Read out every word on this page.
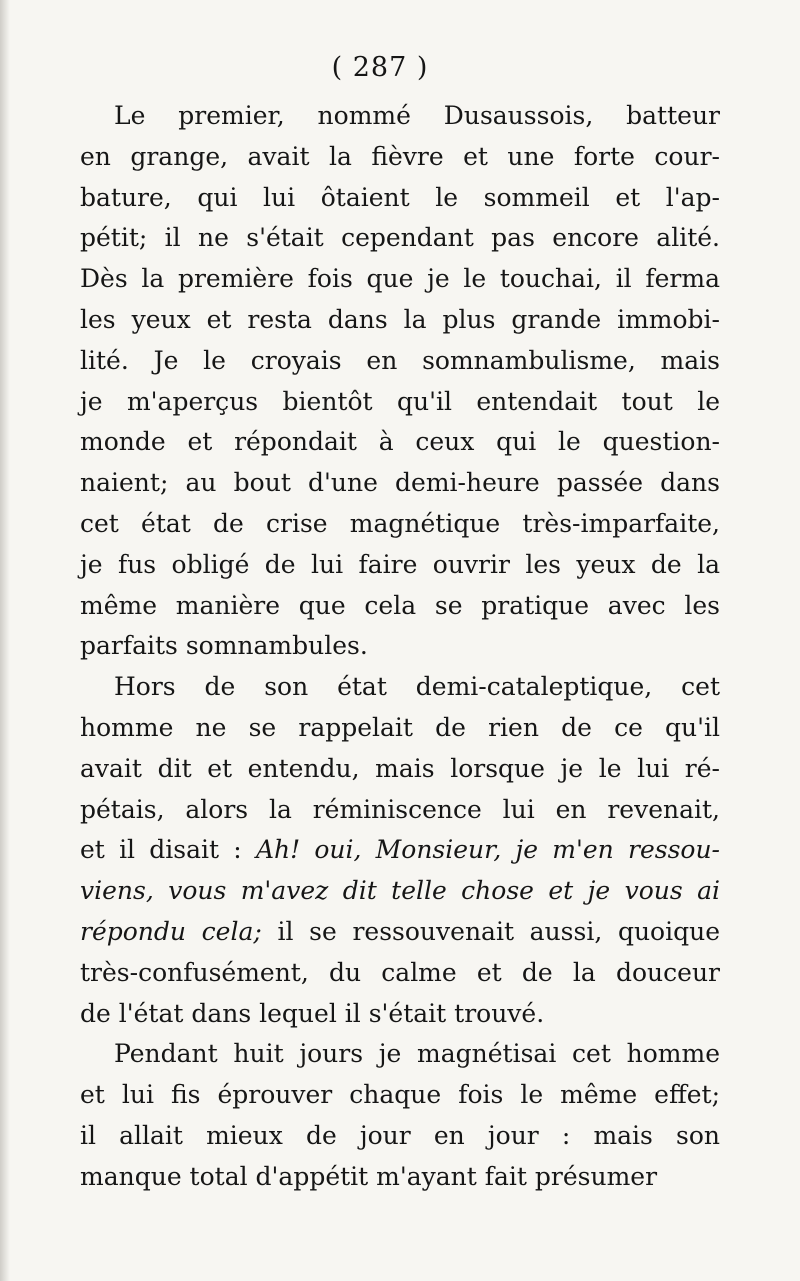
( 287 )
Le premier, nommé Dusaussois, batteur
en grange, avait la fièvre et une forte cour-
bature, qui lui ôtaient le sommeil et l'ap-
pétit; il ne s'était cependant pas encore alité.
Dès la première fois que je le touchai, il ferma
les yeux et resta dans la plus grande immobi-
lité. Je le croyais en somnambulisme, mais
je m'aperçus bientôt qu'il entendait tout le
monde et répondait à ceux qui le question-
naient; au bout d'une demi-heure passée dans
cet état de crise magnétique très-imparfaite,
je fus obligé de lui faire ouvrir les yeux de la
même manière que cela se pratique avec les
parfaits somnambules.
Hors de son état demi-cataleptique, cet
homme ne se rappelait de rien de ce qu'il
avait dit et entendu, mais lorsque je le lui ré-
pétais, alors la réminiscence lui en revenait,
et il disait : Ah! oui, Monsieur, je m'en ressou-
viens, vous m'avez dit telle chose et je vous ai
répondu cela; il se ressouvenait aussi, quoique
très-confusément, du calme et de la douceur
de l'état dans lequel il s'était trouvé.
Pendant huit jours je magnétisai cet homme
et lui fis éprouver chaque fois le même effet;
il allait mieux de jour en jour : mais son
manque total d'appétit m'ayant fait présumer
